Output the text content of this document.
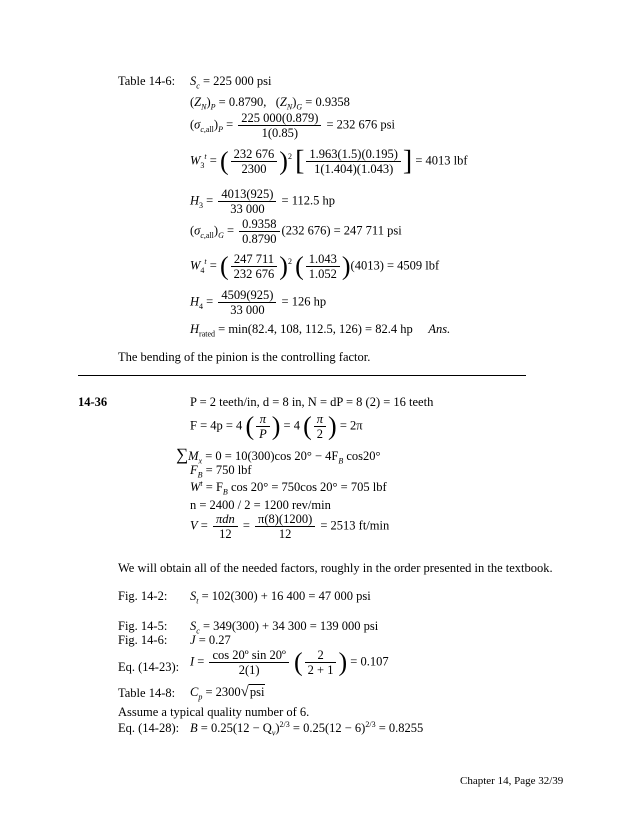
Table 14-6: $S_c = 225$ 000 psi
$(Z_N)_P = 0.8790$,   $(Z_N)_G = 0.9358$
$(\sigma_{c,all})_P = \frac{225 000(0.879)}{1(0.85)} = 232$ 676 psi
$W_3^t$ = ( $\frac{232 676}{2300} )^2$ [ $\frac{1.963(1.5)(0.195)}{1(1.404)(1.043)}$ ] = 4013 lbf
$H_3 = \frac{4013(925)}{33 000} = 112.5$ hp
$(\sigma_{c,all})_G = \frac{0.9358}{0.8790} (232$ 676) = 247 711 psi
$W_4^t$ = ( $\frac{247 711}{232 676} )^2$ ( $\frac{1.043}{1.052} )(4013) = 4509$ lbf
$H_4 = \frac{4509(925)}{33 000} = 126$ hp
$H_{rated} = \min(82.4$, 108, 112.5, 126) = 82.4 hp Ans.
The bending of the pinion is the controlling factor.
14-36	P = 2 teeth/in, d = 8 in, N = dP = 8 (2) = 16 teeth
F = 4p = 4 ( $\frac{\pi}{P}$ ) = 4 ( $\frac{\pi}{2}$ ) = 2π
$\sum M_x = 0 = 10(300)\cos$ $20^\circ - 4F_B$ cos20°
$F_B = 750$ lbf
$W^t = F_B$ cos 20° = 750cos 20° = 705 lbf
n = 2400 / 2 = 1200 rev/min
$V = \frac{\text{πdn}}{12} = \frac{\pi(8)(1200)}{12} = 2513$ ft/min
We will obtain all of the needed factors, roughly in the order presented in the textbook.
Fig. 14-2: $S_t = 102(300) + 16$ 400 = 47 000 psi
Fig. 14-5: $S_c = 349(300) + 34$ 300 = 139 000 psi
Fig. 14-6: J = 0.27
Eq. (14-23): $I = \frac{\text{cos 20º sin 20º}}{2(1)}$ ( $\frac{2}{2 + 1}$ ) = 0.107
Table 14-8: $C_p = 2300√psi$
Assume a typical quality number of 6.
Eq. (14-28): $B = 0.25(12 - Q_v)^{2/3} = 0.25(12 - 6)^{2/3} = 0.8255$
Chapter 14, Page 32/39
